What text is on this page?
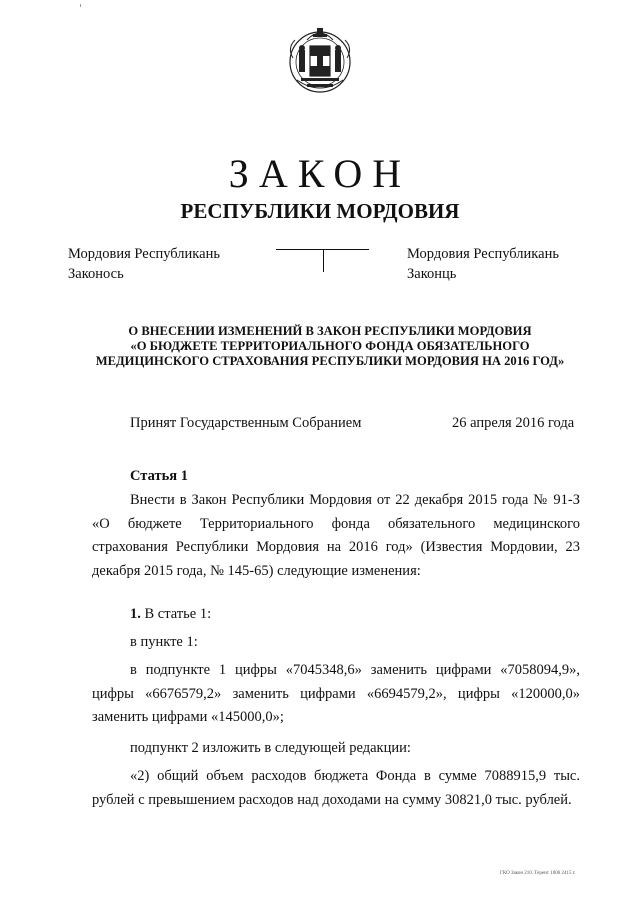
ЗАКОН
РЕСПУБЛИКИ МОРДОВИЯ
Мордовия Республикань
Законось
Мордовия Республикань
Законць
О ВНЕСЕНИИ ИЗМЕНЕНИЙ В ЗАКОН РЕСПУБЛИКИ МОРДОВИЯ
«О БЮДЖЕТЕ ТЕРРИТОРИАЛЬНОГО ФОНДА ОБЯЗАТЕЛЬНОГО
МЕДИЦИНСКОГО СТРАХОВАНИЯ РЕСПУБЛИКИ МОРДОВИЯ НА 2016 ГОД»
Принят Государственным Собранием	26 апреля 2016 года
Статья 1

Внести в Закон Республики Мордовия от 22 декабря 2015 года № 91-З «О бюджете Территориального фонда обязательного медицинского страхования Республики Мордовия на 2016 год» (Известия Мордовии, 23 декабря 2015 года, № 145-65) следующие изменения:

1. В статье 1:

в пункте 1:

в подпункте 1 цифры «7045348,6» заменить цифрами «7058094,9», цифры «6676579,2» заменить цифрами «6694579,2», цифры «120000,0» заменить цифрами «145000,0»;

подпункт 2 изложить в следующей редакции:

«2) общий объем расходов бюджета Фонда в сумме 7088915,9 тыс. рублей с превышением расходов над доходами на сумму 30821,0 тыс. рублей.

ГКО Закон 210. Терент 1006 2415 г.
